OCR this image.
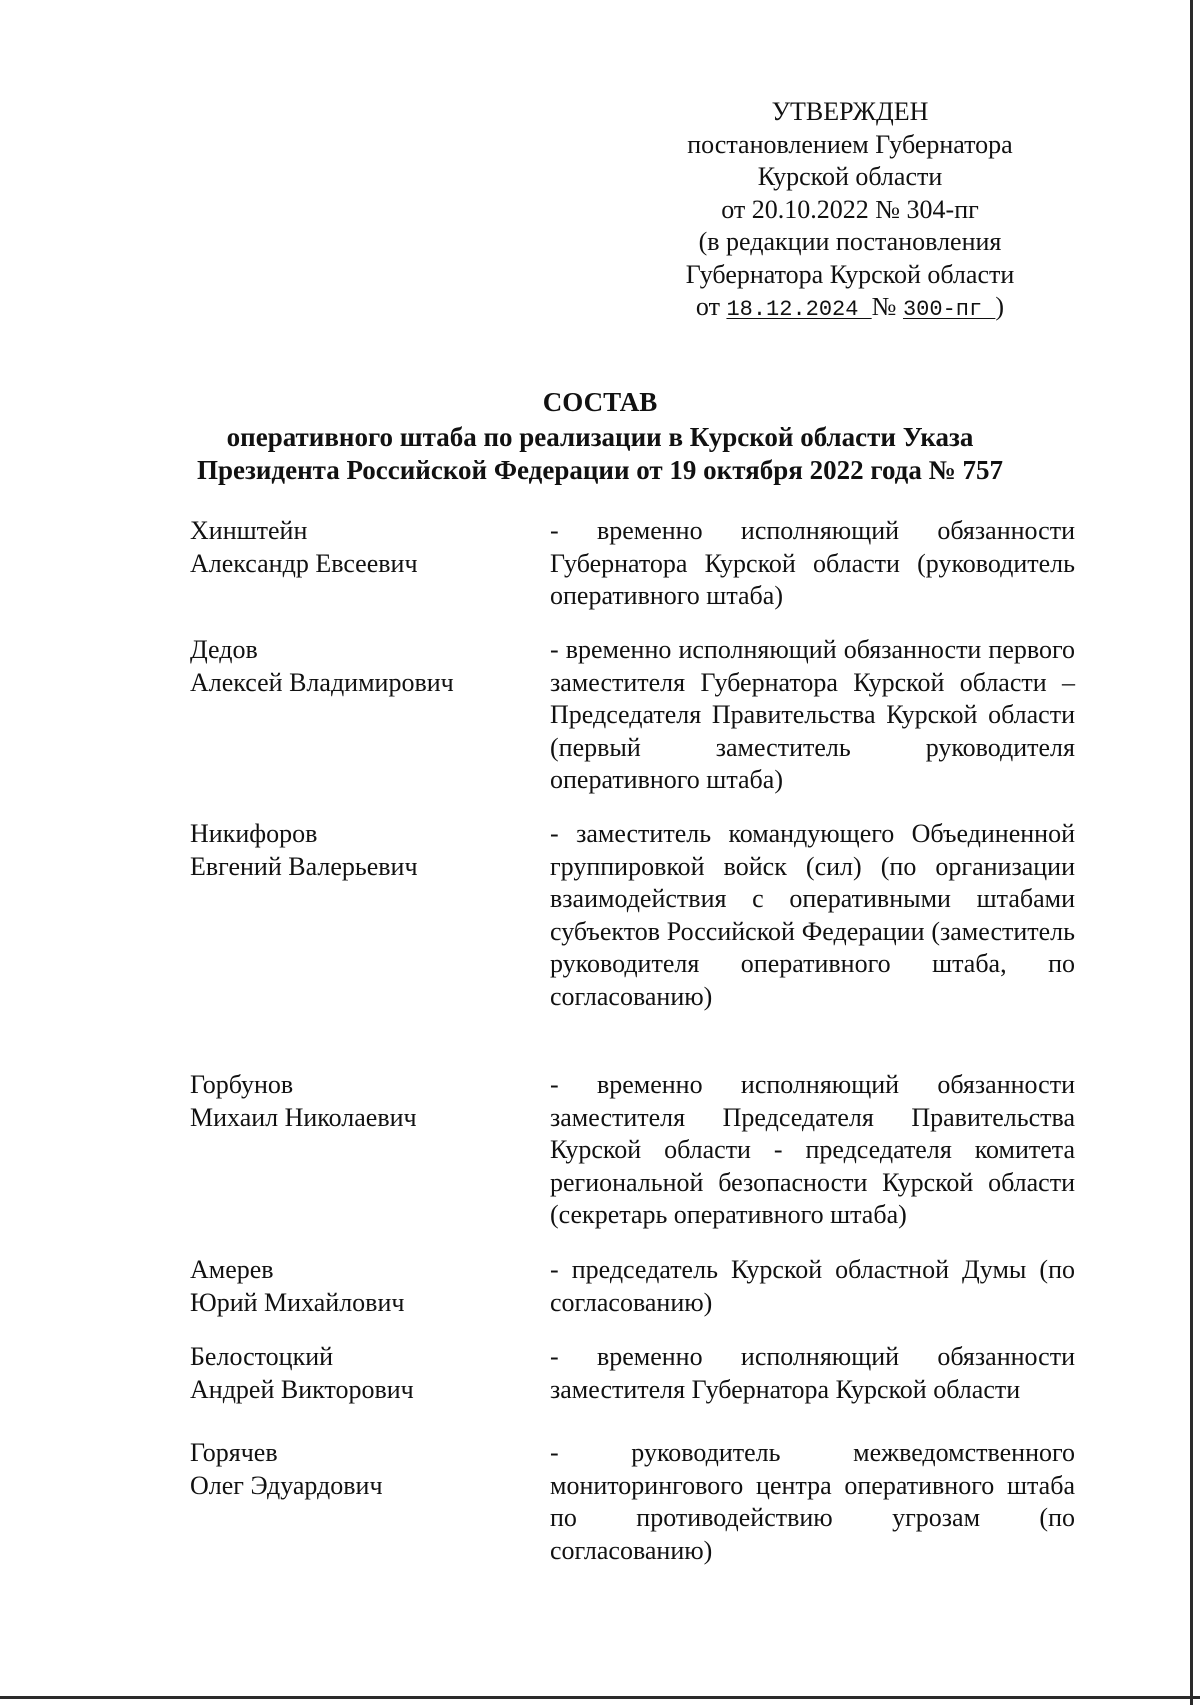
УТВЕРЖДЕН
постановлением Губернатора
Курской области
от 20.10.2022 № 304-пг
(в редакции постановления
Губернатора Курской области
от 18.12.2024 № 300-пг )
СОСТАВ
оперативного штаба по реализации в Курской области Указа
Президента Российской Федерации от 19 октября 2022 года № 757
Хинштейн
Александр Евсеевич
- временно исполняющий обязанности Губернатора Курской области (руководитель оперативного штаба)
Дедов
Алексей Владимирович
- временно исполняющий обязанности первого заместителя Губернатора Курской области – Председателя Правительства Курской области (первый заместитель руководителя оперативного штаба)
Никифоров
Евгений Валерьевич
- заместитель командующего Объединенной группировкой войск (сил) (по организации взаимодействия с оперативными штабами субъектов Российской Федерации (заместитель руководителя оперативного штаба, по согласованию)
Горбунов
Михаил Николаевич
- временно исполняющий обязанности заместителя Председателя Правительства Курской области - председателя комитета региональной безопасности Курской области (секретарь оперативного штаба)
Амерев
Юрий Михайлович
- председатель Курской областной Думы (по согласованию)
Белостоцкий
Андрей Викторович
- временно исполняющий обязанности заместителя Губернатора Курской области
Горячев
Олег Эдуардович
- руководитель межведомственного мониторингового центра оперативного штаба по противодействию угрозам (по согласованию)
